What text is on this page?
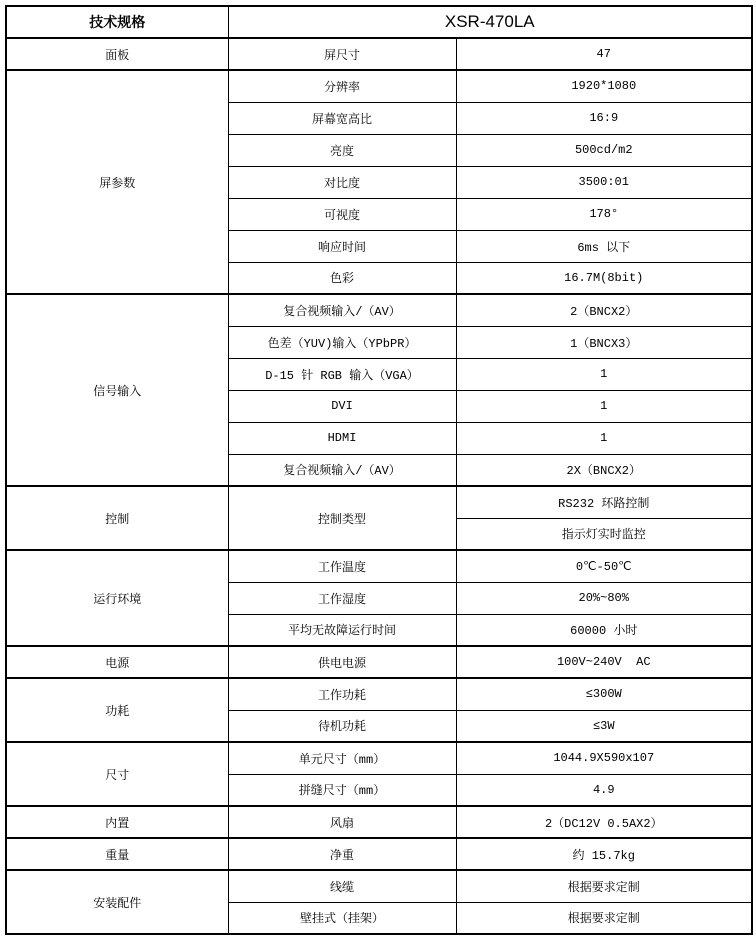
技术规格	XSR-470LA	
面板	屏尺寸	47
屏参数	分辨率	1920*1080
	屏幕宽高比	16:9
	亮度	500cd/m2
	对比度	3500:01
	可视度	178°
	响应时间	6ms 以下
	色彩	16.7M(8bit)
信号输入	复合视频输入/（AV）	2（BNCX2）
	色差（YUV)输入（YPbPR）	1（BNCX3）
	D-15 针 RGB 输入（VGA）	1
	DVI	1
	HDMI	1
	复合视频输入/（AV）	2X（BNCX2）
控制	控制类型	RS232 环路控制
		指示灯实时监控
运行环境	工作温度	0℃-50℃
	工作湿度	20%~80%
	平均无故障运行时间	60000 小时
电源	供电电源	100V~240V  AC
功耗	工作功耗	≤300W
	待机功耗	≤3W
尺寸	单元尺寸（mm）	1044.9X590x107
	拼缝尺寸（mm）	4.9
内置	风扇	2（DC12V 0.5AX2）
重量	净重	约 15.7kg
安装配件	线缆	根据要求定制
	壁挂式（挂架）	根据要求定制
